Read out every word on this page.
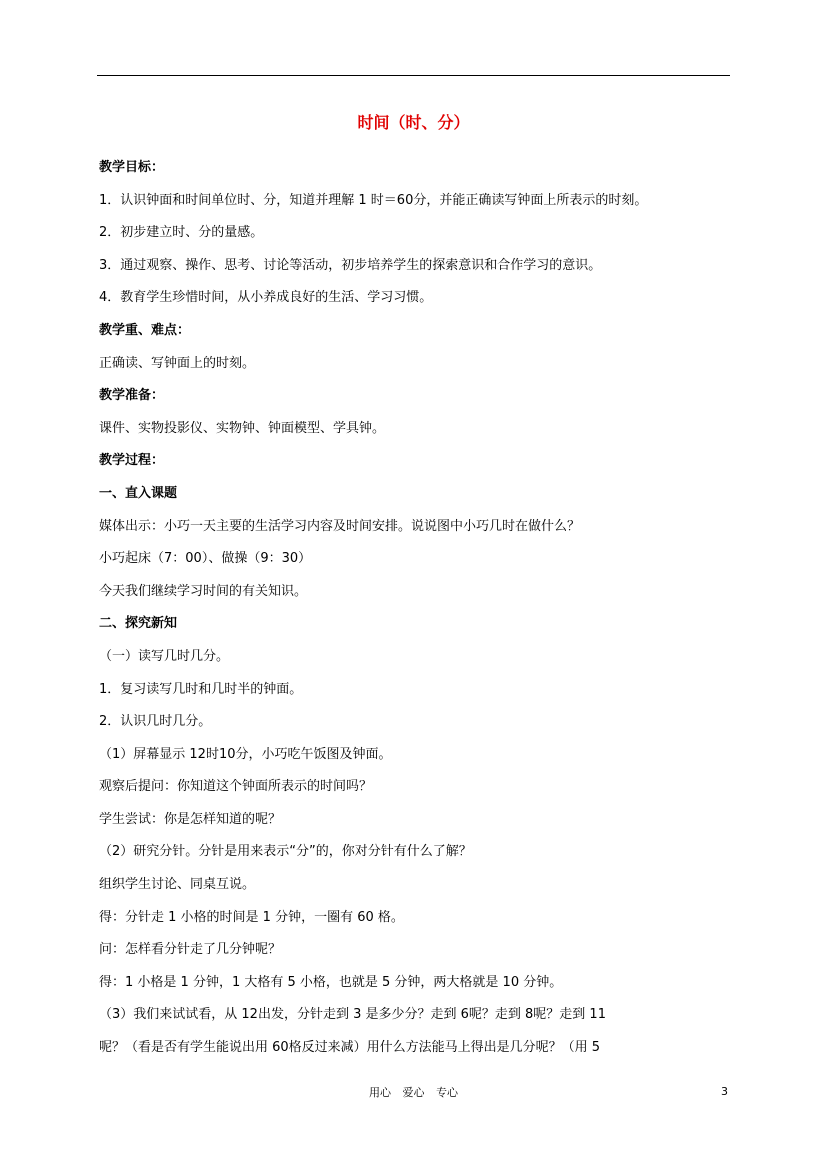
时间（时、分）
教学目标：
1．认识钟面和时间单位时、分，知道并理解 1 时＝60分，并能正确读写钟面上所表示的时刻。
2．初步建立时、分的量感。
3．通过观察、操作、思考、讨论等活动，初步培养学生的探索意识和合作学习的意识。
4．教育学生珍惜时间，从小养成良好的生活、学习习惯。
教学重、难点：
正确读、写钟面上的时刻。
教学准备：
课件、实物投影仪、实物钟、钟面模型、学具钟。
教学过程：
一、直入课题
媒体出示：小巧一天主要的生活学习内容及时间安排。说说图中小巧几时在做什么？
小巧起床（7：00）、做操（9：30）
今天我们继续学习时间的有关知识。
二、探究新知
（一）读写几时几分。
1．复习读写几时和几时半的钟面。
2．认识几时几分。
（1）屏幕显示 12时10分，小巧吃午饭图及钟面。
观察后提问：你知道这个钟面所表示的时间吗？
学生尝试：你是怎样知道的呢？
（2）研究分针。分针是用来表示“分”的，你对分针有什么了解？
组织学生讨论、同桌互说。
得：分针走 1 小格的时间是 1 分钟，一圈有 60 格。
问：怎样看分针走了几分钟呢？
得：1 小格是 1 分钟，1 大格有 5 小格，也就是 5 分钟，两大格就是 10 分钟。
（3）我们来试试看，从 12出发，分针走到 3 是多少分？走到 6呢？走到 8呢？走到 11
呢？（看是否有学生能说出用 60格反过来减）用什么方法能马上得出是几分呢？（用 5
用心 爱心 专心	3
